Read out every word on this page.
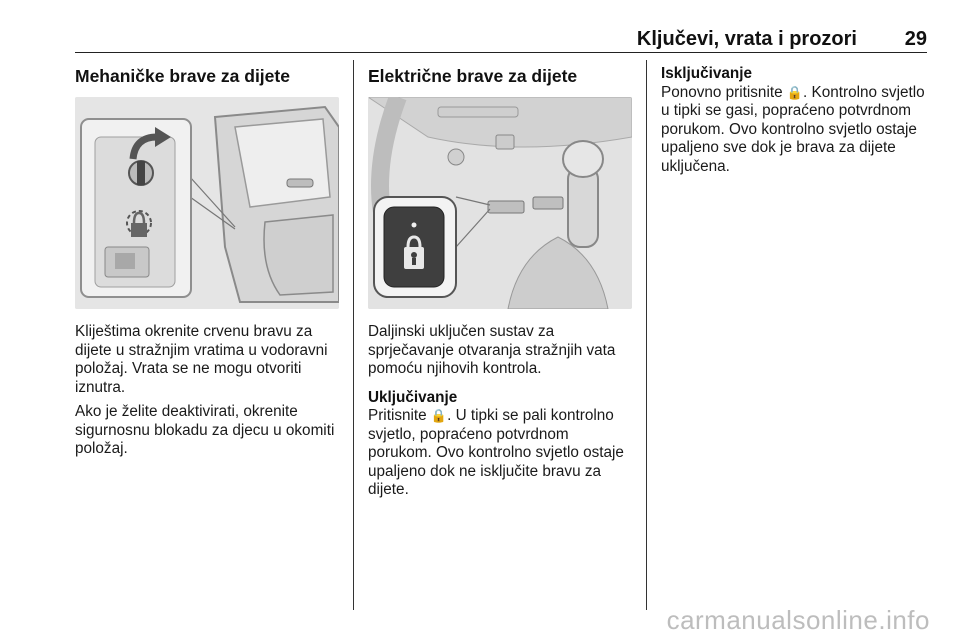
Ključevi, vrata i prozori 29
Mehaničke brave za dijete

Klij​eštima okrenite crvenu bravu za dijete u stražnjim vratima u vodoravni položaj. Vrata se ne mogu otvoriti iznutra.

Ako je želite deaktivirati, okrenite sigurnosnu blokadu za djecu u okomiti položaj.

Električne brave za dijete

Daljinski uključen sustav za sprječavanje otvaranja stražnjih vata pomoću njihovih kontrola.

Uključivanje

Pritisnite 🔒. U tipki se pali kontrolno svjetlo, popraćeno potvrdnom porukom. Ovo kontrolno svjetlo ostaje upaljeno dok ne isključite bravu za dijete.

Isključivanje

Ponovno pritisnite 🔒. Kontrolno svjetlo u tipki se gasi, popraćeno potvrdnom porukom. Ovo kontrolno svjetlo ostaje upaljeno sve dok je brava za dijete uključena.

carmanualsonline.info
